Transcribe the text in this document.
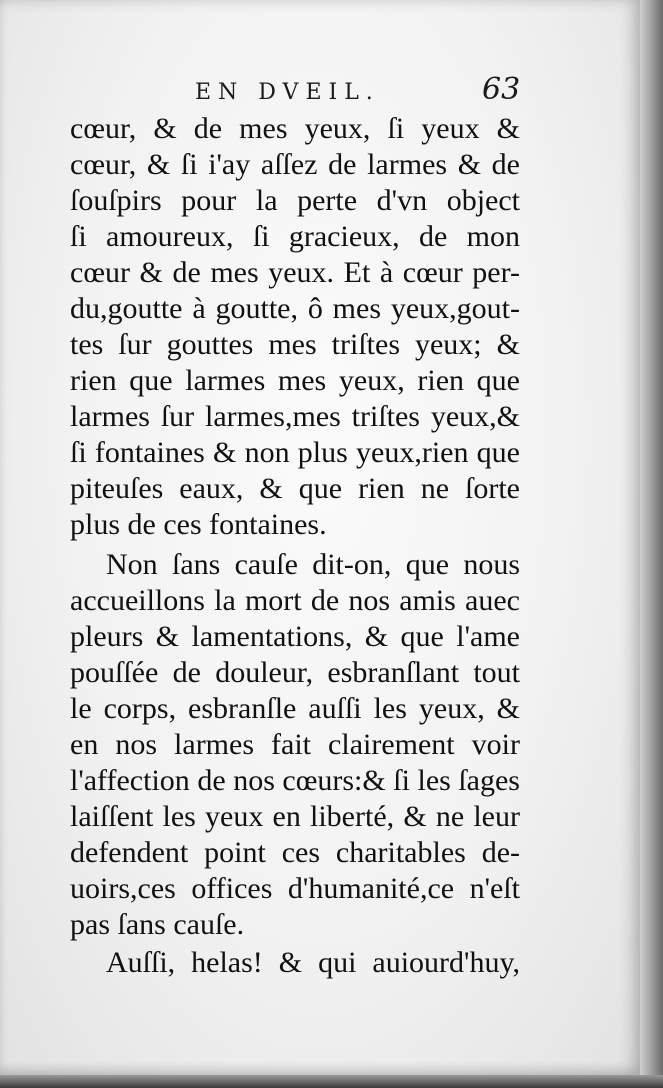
EN DVEIL.	63
cœur, & de mes yeux, ſi yeux &
cœur, & ſi i'ay aſſez de larmes & de
ſouſpirs pour la perte d'vn object
ſi amoureux, ſi gracieux, de mon
cœur & de mes yeux. Et à cœur per-
du,goutte à goutte, ô mes yeux,gout-
tes ſur gouttes mes triſtes yeux; &
rien que larmes mes yeux, rien que
larmes ſur larmes,mes triſtes yeux,&
ſi fontaines & non plus yeux,rien que
piteuſes eaux, & que rien ne ſorte
plus de ces fontaines.
Non ſans cauſe dit-on, que nous
accueillons la mort de nos amis auec
pleurs & lamentations, & que l'ame
pouſſée de douleur, esbranſlant tout
le corps, esbranſle auſſi les yeux, &
en nos larmes fait clairement voir
l'affection de nos cœurs:& ſi les ſages
laiſſent les yeux en liberté, & ne leur
defendent point ces charitables de-
uoirs,ces offices d'humanité,ce n'eſt
pas ſans cauſe.
Auſſi, helas! & qui auiourd'huy,
